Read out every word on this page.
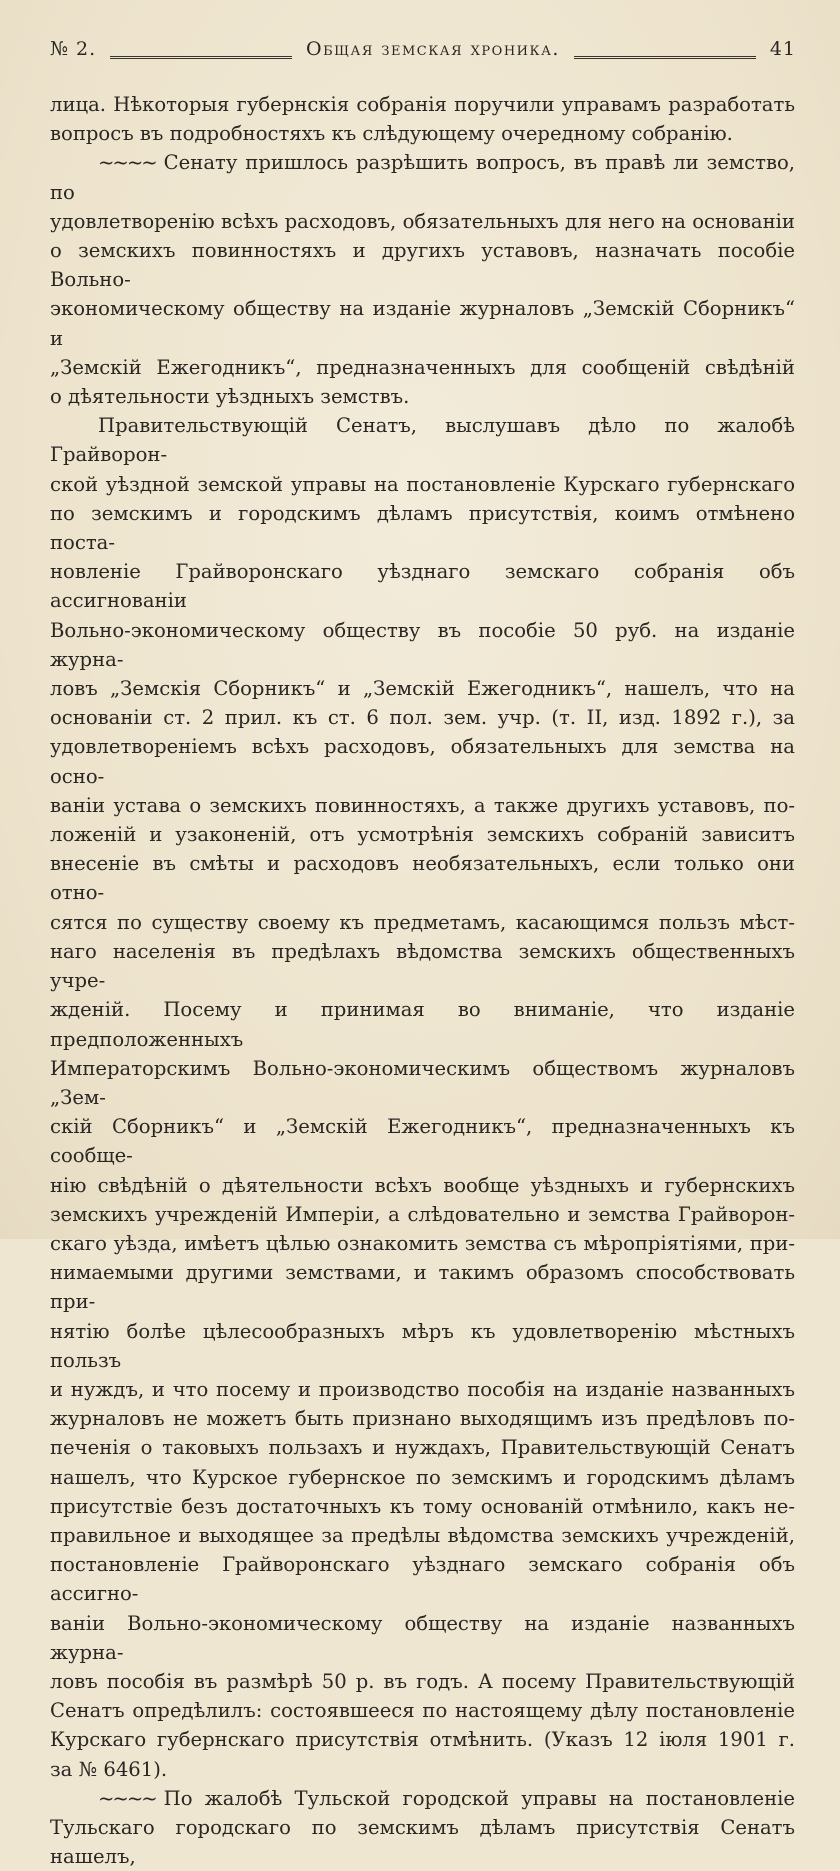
№ 2.	Общая земская хроника.	41

лица. Нѣкоторыя губернскія собранія поручили управамъ разработать

вопросъ въ подробностяхъ къ слѣдующему очередному собранію.

~~~~ Сенату пришлось разрѣшить вопросъ, въ правѣ ли земство, по

удовлетворенію всѣхъ расходовъ, обязательныхъ для него на основаніи

о земскихъ повинностяхъ и другихъ уставовъ, назначать пособіе Вольно-

экономическому обществу на изданіе журналовъ „Земскій Сборникъ“ и

„Земскій Ежегодникъ“, предназначенныхъ для сообщеній свѣдѣній

о дѣятельности уѣздныхъ земствъ.

Правительствующій Сенатъ, выслушавъ дѣло по жалобѣ Грайворон-

ской уѣздной земской управы на постановленіе Курскаго губернскаго

по земскимъ и городскимъ дѣламъ присутствія, коимъ отмѣнено поста-

новленіе Грайворонскаго уѣзднаго земскаго собранія объ ассигнованіи

Вольно-экономическому обществу въ пособіе 50 руб. на изданіе журна-

ловъ „Земскія Сборникъ“ и „Земскій Ежегодникъ“, нашелъ, что на

основаніи ст. 2 прил. къ ст. 6 пол. зем. учр. (т. II, изд. 1892 г.), за

удовлетвореніемъ всѣхъ расходовъ, обязательныхъ для земства на осно-

ваніи устава о земскихъ повинностяхъ, а также другихъ уставовъ, по-

ложеній и узаконеній, отъ усмотрѣнія земскихъ собраній зависитъ

внесеніе въ смѣты и расходовъ необязательныхъ, если только они отно-

сятся по существу своему къ предметамъ, касающимся пользъ мѣст-

наго населенія въ предѣлахъ вѣдомства земскихъ общественныхъ учре-

жденій. Посему и принимая во вниманіе, что изданіе предположенныхъ

Императорскимъ Вольно-экономическимъ обществомъ журналовъ „Зем-

скій Сборникъ“ и „Земскій Ежегодникъ“, предназначенныхъ къ сообще-

нію свѣдѣній о дѣятельности всѣхъ вообще уѣздныхъ и губернскихъ

земскихъ учрежденій Имперіи, а слѣдовательно и земства Грайворон-

скаго уѣзда, имѣетъ цѣлью ознакомить земства съ мѣропріятіями, при-

нимаемыми другими земствами, и такимъ образомъ способствовать при-

нятію болѣе цѣлесообразныхъ мѣръ къ удовлетворенію мѣстныхъ пользъ

и нуждъ, и что посему и производство пособія на изданіе названныхъ

журналовъ не можетъ быть признано выходящимъ изъ предѣловъ по-

печенія о таковыхъ пользахъ и нуждахъ, Правительствующій Сенатъ

нашелъ, что Курское губернское по земскимъ и городскимъ дѣламъ

присутствіе безъ достаточныхъ къ тому основаній отмѣнило, какъ не-

правильное и выходящее за предѣлы вѣдомства земскихъ учрежденій,

постановленіе Грайворонскаго уѣзднаго земскаго собранія объ ассигно-

ваніи Вольно-экономическому обществу на изданіе названныхъ журна-

ловъ пособія въ размѣрѣ 50 р. въ годъ. А посему Правительствующій

Сенатъ опредѣлилъ: состоявшееся по настоящему дѣлу постановленіе

Курскаго губернскаго присутствія отмѣнить. (Указъ 12 іюля 1901 г.

за № 6461).

~~~~ По жалобѣ Тульской городской управы на постановленіе

Тульскаго городскаго по земскимъ дѣламъ присутствія Сенатъ нашелъ,
